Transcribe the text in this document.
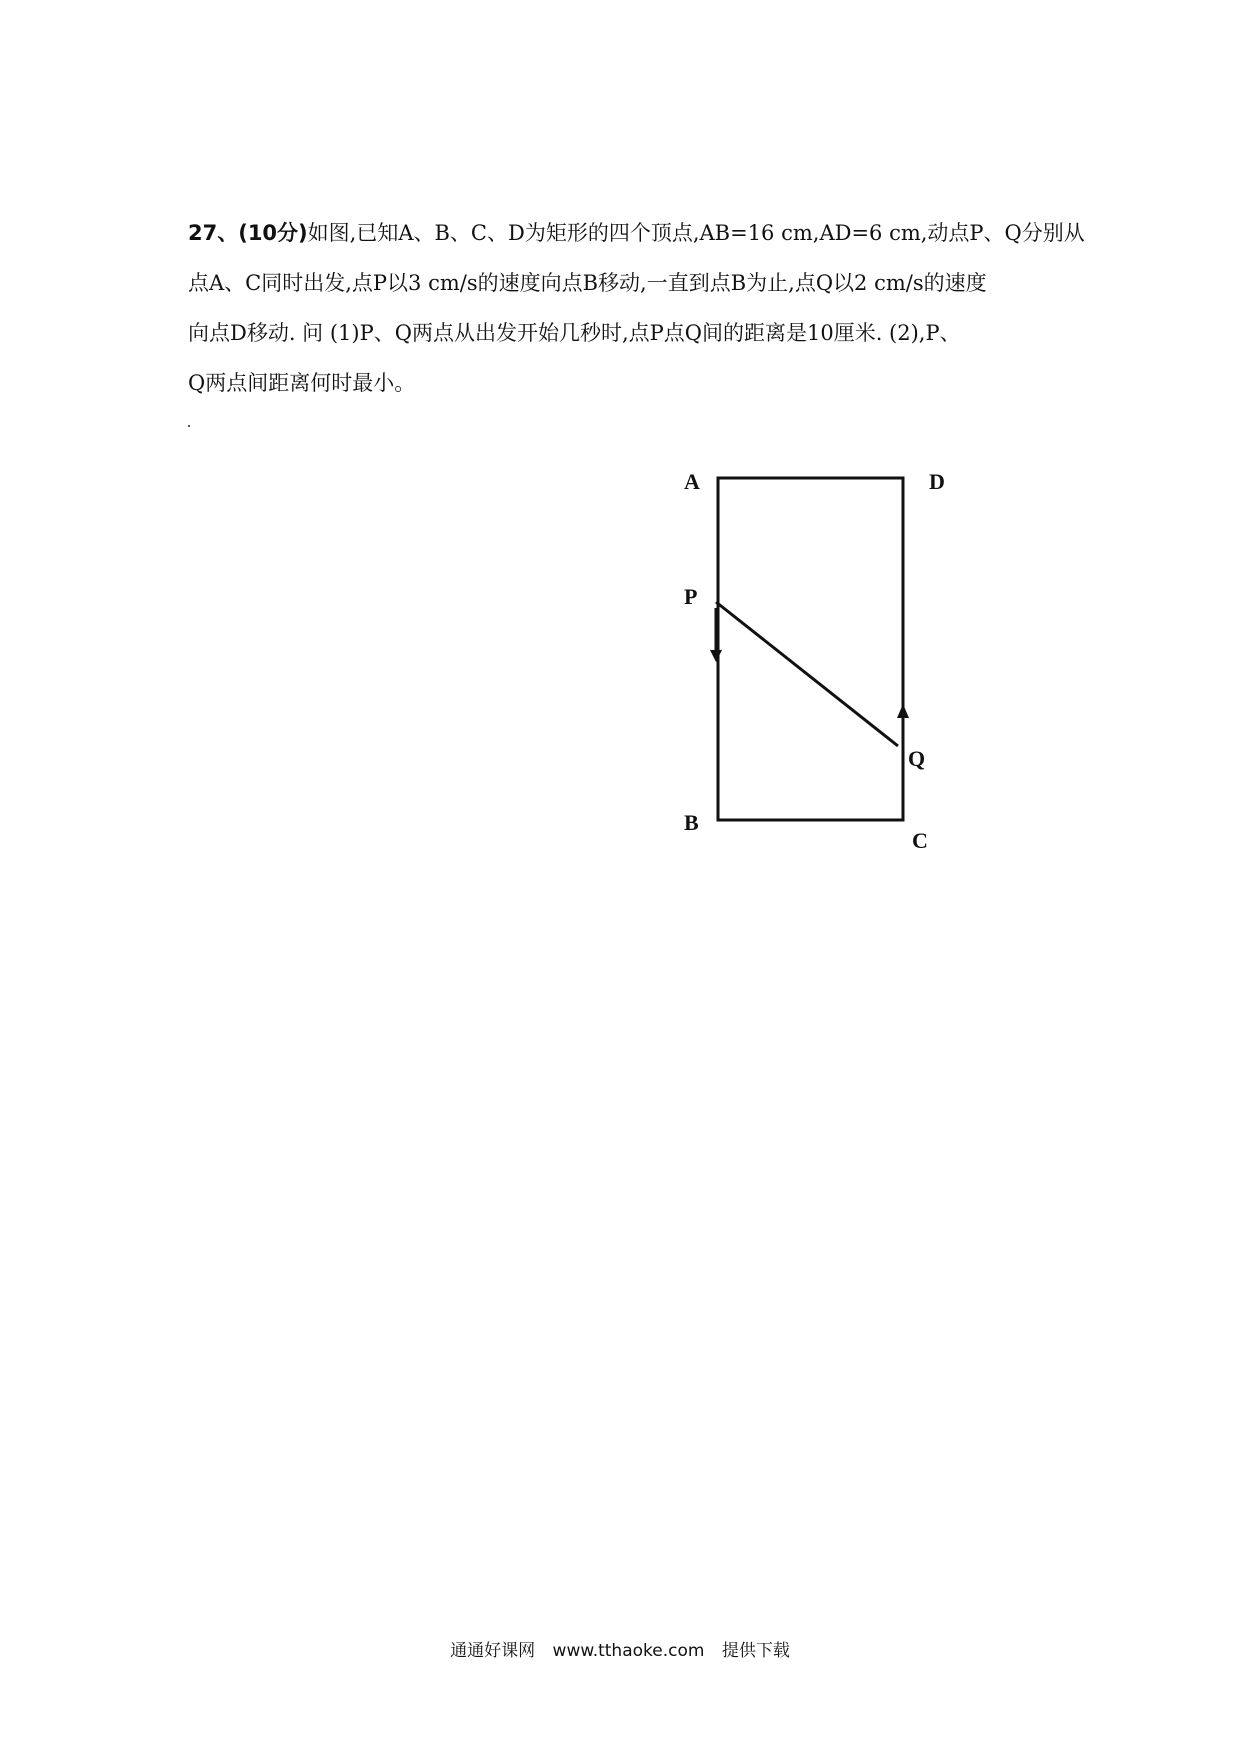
27、(10分)如图,已知A、B、C、D为矩形的四个顶点,AB=16 cm,AD=6 cm,动点P、Q分别从
点A、C同时出发,点P以3 cm/s的速度向点B移动,一直到点B为止,点Q以2 cm/s的速度
向点D移动. 问 (1)P、Q两点从出发开始几秒时,点P点Q间的距离是10厘米. (2),P、
Q两点间距离何时最小。
A	D
P
Q
B
C
通通好课网 www.tthaoke.com 提供下载
